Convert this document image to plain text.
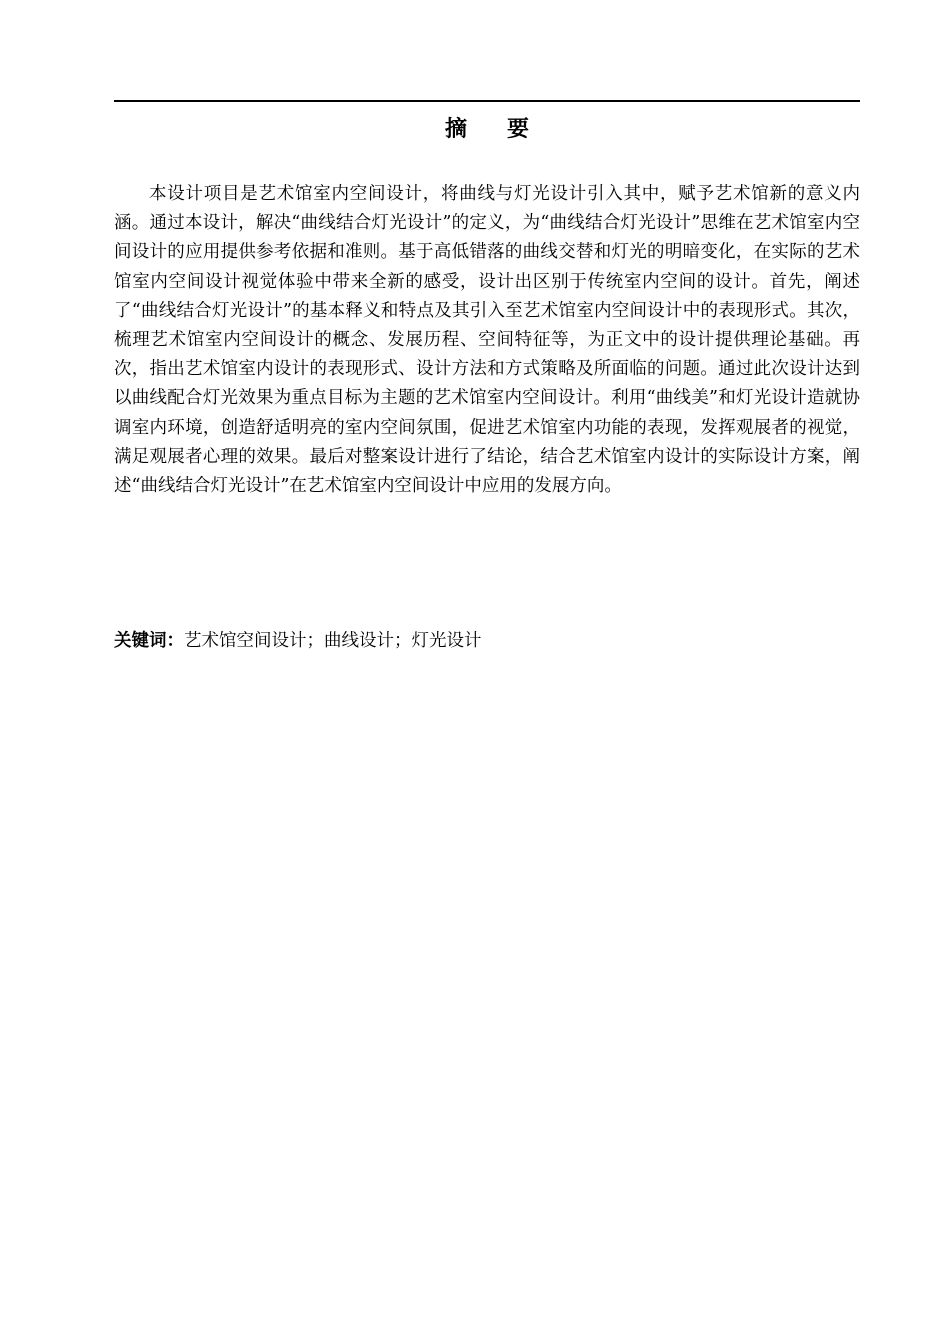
摘要

本设计项目是艺术馆室内空间设计，将曲线与灯光设计引入其中，赋予艺术馆新的意义内涵。通过本设计，解决“曲线结合灯光设计”的定义，为“曲线结合灯光设计”思维在艺术馆室内空间设计的应用提供参考依据和准则。基于高低错落的曲线交替和灯光的明暗变化，在实际的艺术馆室内空间设计视觉体验中带来全新的感受，设计出区别于传统室内空间的设计。首先，阐述了“曲线结合灯光设计”的基本释义和特点及其引入至艺术馆室内空间设计中的表现形式。其次，梳理艺术馆室内空间设计的概念、发展历程、空间特征等，为正文中的设计提供理论基础。再次，指出艺术馆室内设计的表现形式、设计方法和方式策略及所面临的问题。通过此次设计达到以曲线配合灯光效果为重点目标为主题的艺术馆室内空间设计。利用“曲线美”和灯光设计造就协调室内环境，创造舒适明亮的室内空间氛围，促进艺术馆室内功能的表现，发挥观展者的视觉，满足观展者心理的效果。最后对整案设计进行了结论，结合艺术馆室内设计的实际设计方案，阐述“曲线结合灯光设计”在艺术馆室内空间设计中应用的发展方向。

关键词：艺术馆空间设计；曲线设计；灯光设计
